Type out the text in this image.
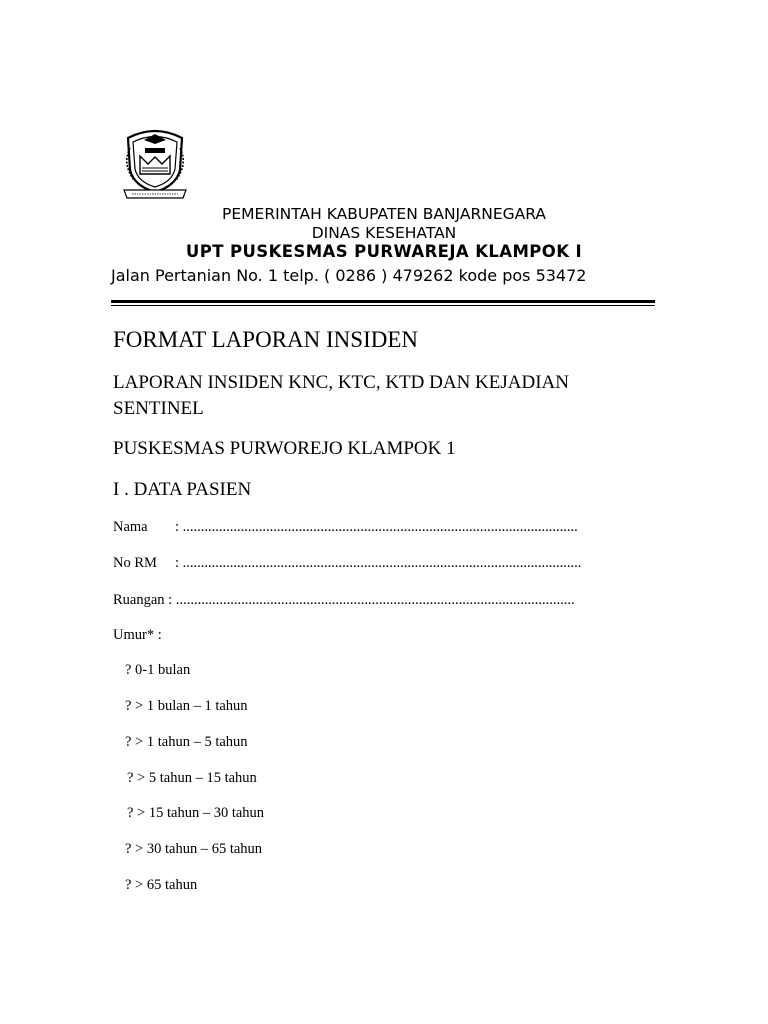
PEMERINTAH KABUPATEN BANJARNEGARA
DINAS KESEHATAN
UPT PUSKESMAS PURWAREJA KLAMPOK I
Jalan Pertanian No. 1 telp. ( 0286 ) 479262 kode pos 53472
FORMAT LAPORAN INSIDEN
LAPORAN INSIDEN KNC, KTC, KTD DAN KEJADIAN SENTINEL
PUSKESMAS PURWOREJO KLAMPOK 1
I . DATA PASIEN
Nama : .............................................................................................................
No RM : ..............................................................................................................
Ruangan : ..............................................................................................................
Umur* :
? 0-1 bulan
? > 1 bulan – 1 tahun
? > 1 tahun – 5 tahun
? > 5 tahun – 15 tahun
? > 15 tahun – 30 tahun
? > 30 tahun – 65 tahun
? > 65 tahun
